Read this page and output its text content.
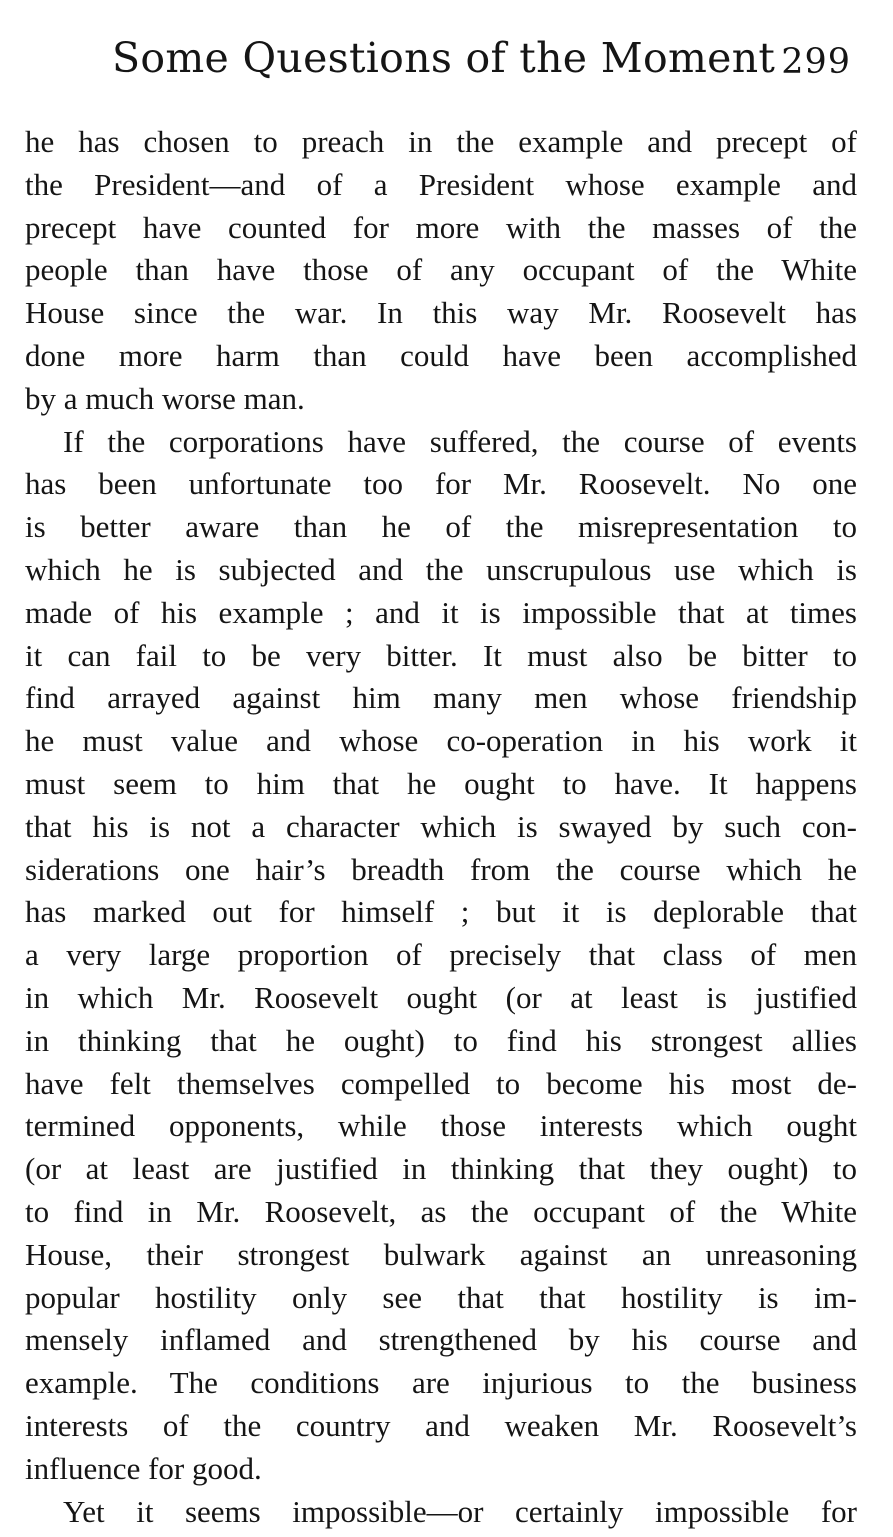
Some Questions of the Moment 299
he has chosen to preach in the example and precept of
the President—and of a President whose example and
precept have counted for more with the masses of the
people than have those of any occupant of the White
House since the war. In this way Mr. Roosevelt has
done more harm than could have been accomplished
by a much worse man.
If the corporations have suffered, the course of events
has been unfortunate too for Mr. Roosevelt. No one
is better aware than he of the misrepresentation to
which he is subjected and the unscrupulous use which is
made of his example ; and it is impossible that at times
it can fail to be very bitter. It must also be bitter to
find arrayed against him many men whose friendship
he must value and whose co-operation in his work it
must seem to him that he ought to have. It happens
that his is not a character which is swayed by such con-
siderations one hair’s breadth from the course which he
has marked out for himself ; but it is deplorable that
a very large proportion of precisely that class of men
in which Mr. Roosevelt ought (or at least is justified
in thinking that he ought) to find his strongest allies
have felt themselves compelled to become his most de-
termined opponents, while those interests which ought
(or at least are justified in thinking that they ought) to
to find in Mr. Roosevelt, as the occupant of the White
House, their strongest bulwark against an unreasoning
popular hostility only see that that hostility is im-
mensely inflamed and strengthened by his course and
example. The conditions are injurious to the business
interests of the country and weaken Mr. Roosevelt’s
influence for good.
Yet it seems impossible—or certainly impossible for
